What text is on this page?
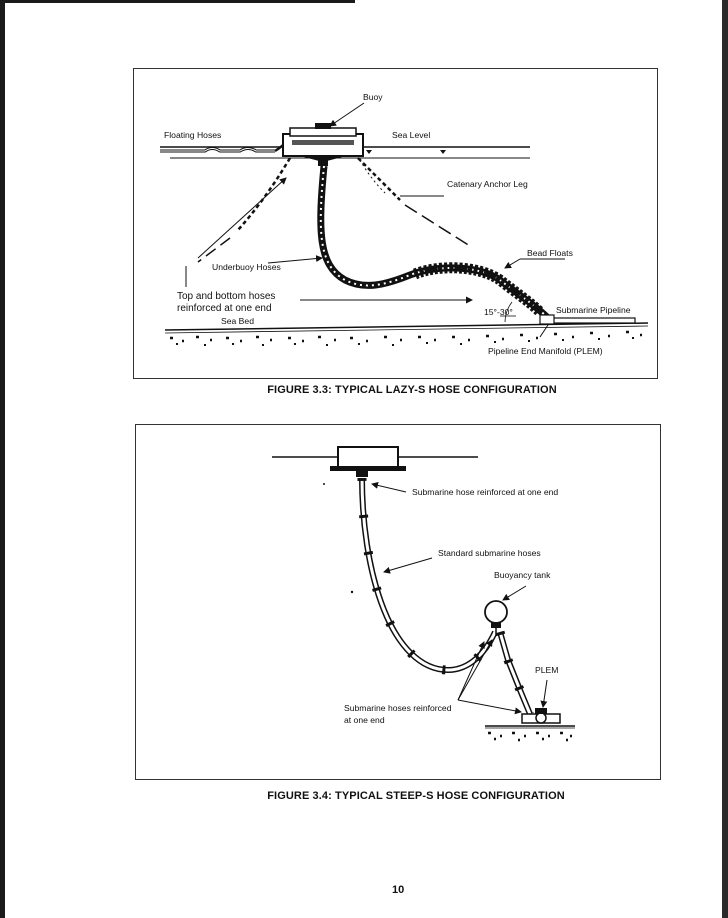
Buoy
Floating Hoses	Sea Level
Catenary Anchor Leg
Bead Floats
Underbuoy Hoses
Top and bottom hoses
reinforced at one end
Sea Bed
15°-30°	Submarine Pipeline
Pipeline End Manifold (PLEM)
Submarine hose reinforced at one end
Standard submarine hoses
Buoyancy tank
PLEM
Submarine hoses reinforced
at one end
FIGURE 3.3: TYPICAL LAZY-S HOSE CONFIGURATION
FIGURE 3.4: TYPICAL STEEP-S HOSE CONFIGURATION
10
